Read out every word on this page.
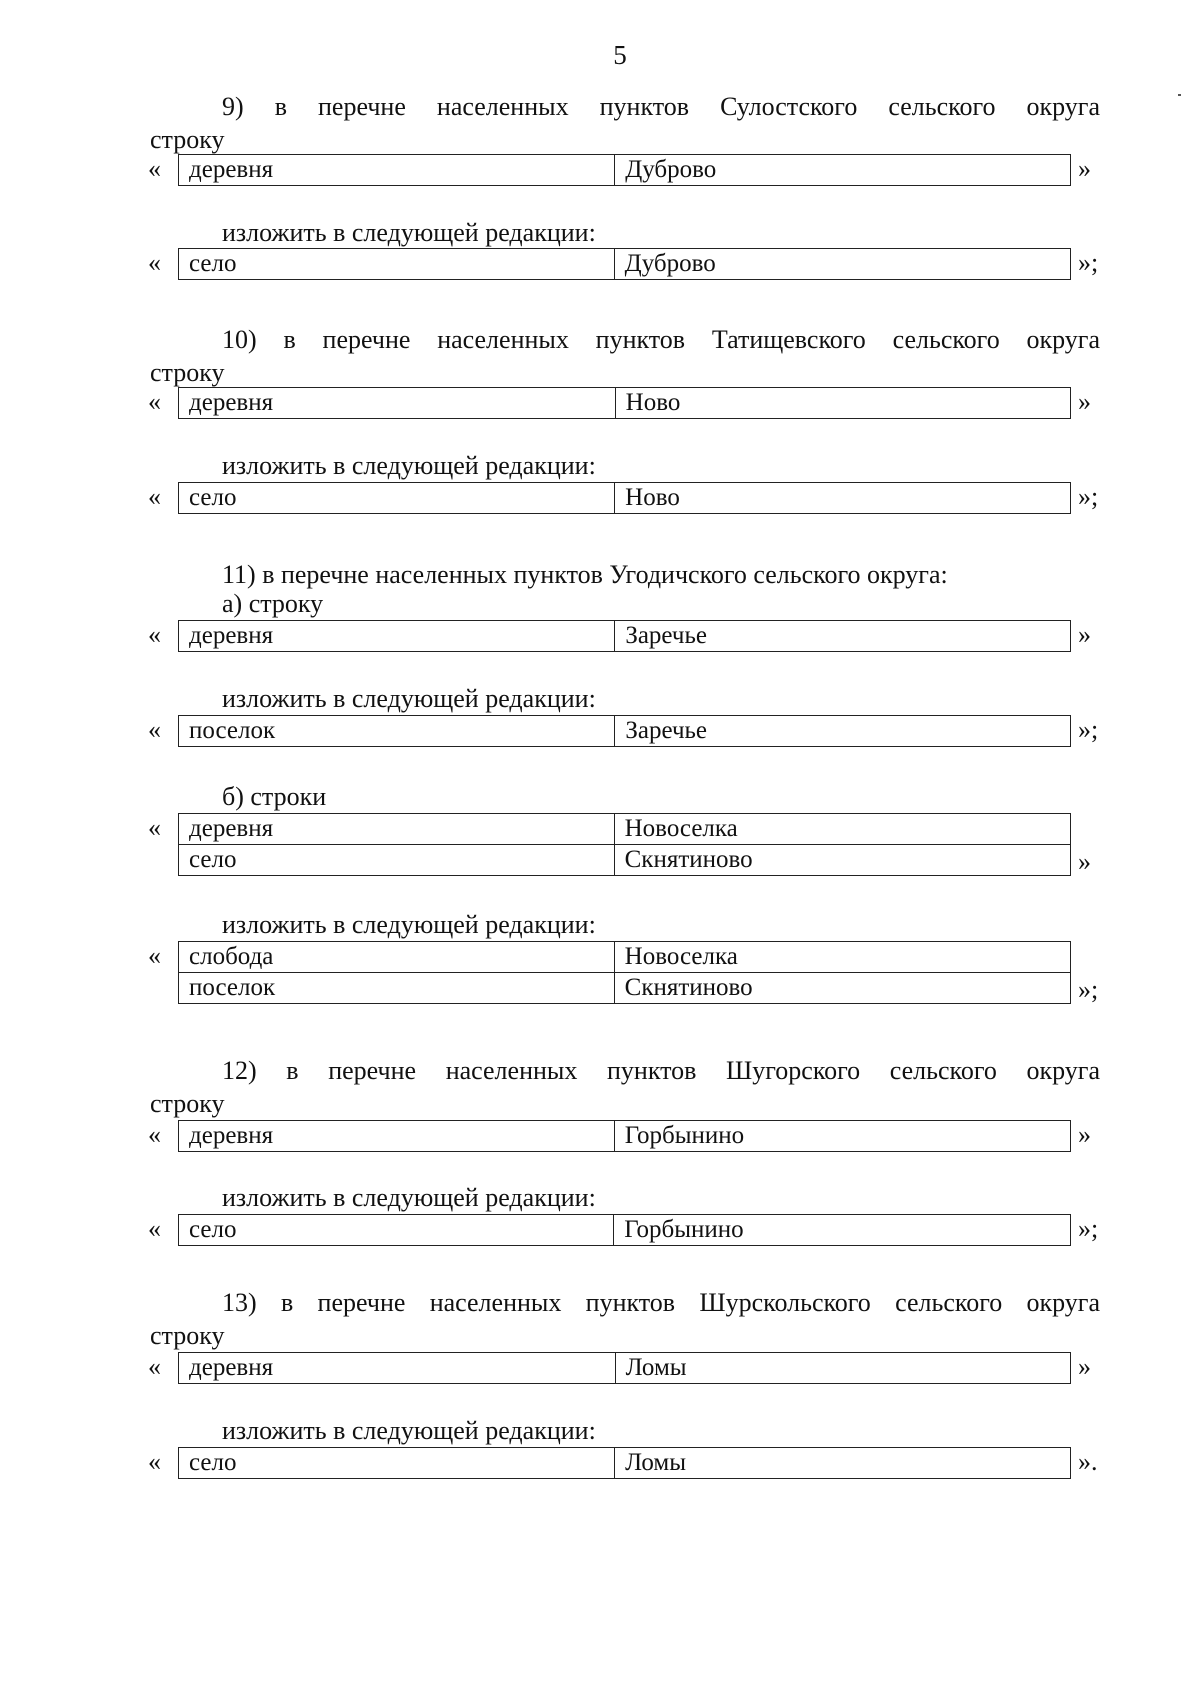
5
9) в перечне населенных пунктов Сулостского сельского округа
строку
« деревня	Дуброво	»
изложить в следующей редакции:
« село	Дуброво	»;
10) в перечне населенных пунктов Татищевского сельского округа
строку
« деревня	Ново	»
изложить в следующей редакции:
« село	Ново	»;
11) в перечне населенных пунктов Угодичского сельского округа:
а) строку
« деревня	Заречье	»
изложить в следующей редакции:
« поселок	Заречье	»;
б) строки
« деревня	Новоселка
село	Скнятиново	»
изложить в следующей редакции:
« слобода	Новоселка
поселок	Скнятиново	»;
12) в перечне населенных пунктов Шугорского сельского округа
строку
« деревня	Горбынино	»
изложить в следующей редакции:
« село	Горбынино	»;
13) в перечне населенных пунктов Шурскольского сельского округа
строку
« деревня	Ломы	»
изложить в следующей редакции:
« село	Ломы	».
